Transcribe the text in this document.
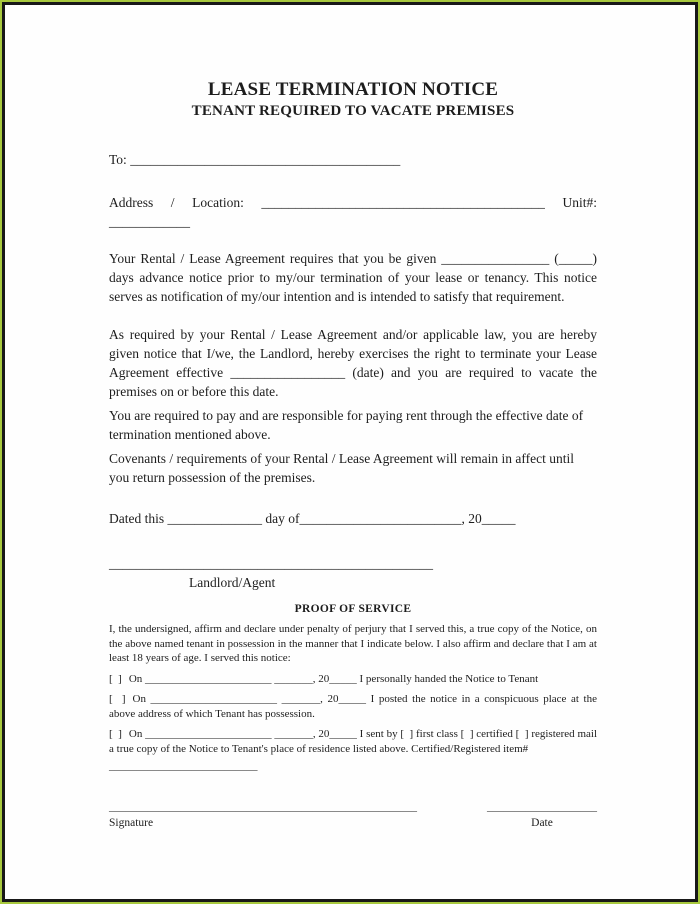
LEASE TERMINATION NOTICE
TENANT REQUIRED TO VACATE PREMISES

To: ________________________________________

Address / Location: __________________________________________ Unit#: ____________

Your Rental / Lease Agreement requires that you be given ________________ (_____) days advance notice prior to my/our termination of your lease or tenancy. This notice serves as notification of my/our intention and is intended to satisfy that requirement.

As required by your Rental / Lease Agreement and/or applicable law, you are hereby given notice that I/we, the Landlord, hereby exercises the right to terminate your Lease Agreement effective _________________ (date) and you are required to vacate the premises on or before this date.

You are required to pay and are responsible for paying rent through the effective date of termination mentioned above.

Covenants / requirements of your Rental / Lease Agreement will remain in affect until you return possession of the premises.

Dated this ______________ day of________________________, 20_____

________________________________________________

Landlord/Agent

PROOF OF SERVICE

I, the undersigned, affirm and declare under penalty of perjury that I served this, a true copy of the Notice, on the above named tenant in possession in the manner that I indicate below. I also affirm and declare that I am at least 18 years of age. I served this notice:

[  ] On _______________________ _______, 20_____ I personally handed the Notice to Tenant

[  ] On _______________________ _______, 20_____ I posted the notice in a conspicuous place at the above address of which Tenant has possession.

[  ] On _______________________ _______, 20_____ I sent by [  ] first class [  ] certified [  ] registered mail a true copy of the Notice to Tenant's place of residence listed above. Certified/Registered item#

___________________________

________________________________________________________

Signature

____________________

Date
